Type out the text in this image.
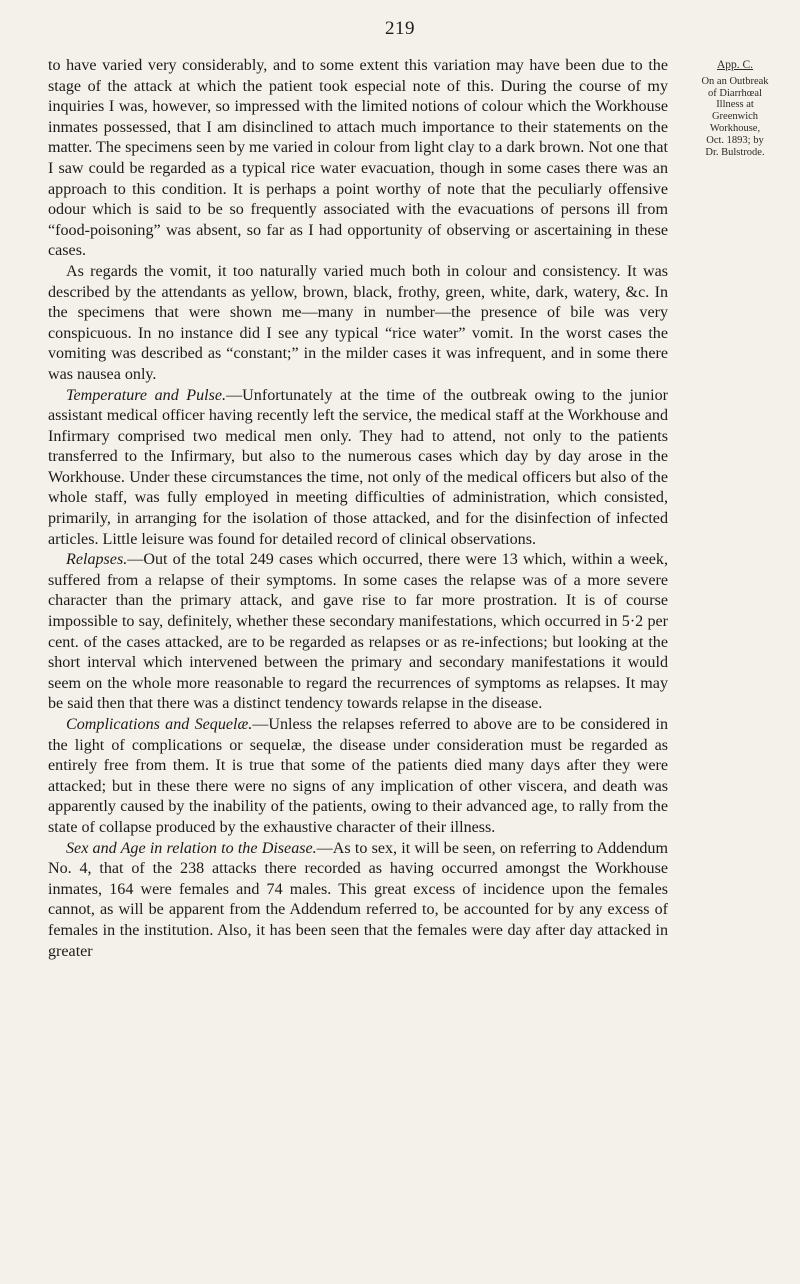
219
App. C.
On an Outbreak
of Diarrhœal
Illness at
Greenwich
Workhouse,
Oct. 1893; by
Dr. Bulstrode.

to have varied very considerably, and to some extent this variation may have been due to the stage of the attack at which the patient took especial note of this. During the course of my inquiries I was, however, so impressed with the limited notions of colour which the Workhouse inmates possessed, that I am disinclined to attach much importance to their statements on the matter. The specimens seen by me varied in colour from light clay to a dark brown. Not one that I saw could be regarded as a typical rice water evacuation, though in some cases there was an approach to this condition. It is perhaps a point worthy of note that the peculiarly offensive odour which is said to be so frequently associated with the evacuations of persons ill from “food-poisoning” was absent, so far as I had opportunity of observing or ascertaining in these cases.

As regards the vomit, it too naturally varied much both in colour and consistency. It was described by the attendants as yellow, brown, black, frothy, green, white, dark, watery, &c. In the specimens that were shown me—many in number—the presence of bile was very conspicuous. In no instance did I see any typical “rice water” vomit. In the worst cases the vomiting was described as “constant;” in the milder cases it was infrequent, and in some there was nausea only.

Temperature and Pulse.—Unfortunately at the time of the outbreak owing to the junior assistant medical officer having recently left the service, the medical staff at the Workhouse and Infirmary comprised two medical men only. They had to attend, not only to the patients transferred to the Infirmary, but also to the numerous cases which day by day arose in the Workhouse. Under these circumstances the time, not only of the medical officers but also of the whole staff, was fully employed in meeting difficulties of administration, which consisted, primarily, in arranging for the isolation of those attacked, and for the disinfection of infected articles. Little leisure was found for detailed record of clinical observations.

Relapses.—Out of the total 249 cases which occurred, there were 13 which, within a week, suffered from a relapse of their symptoms. In some cases the relapse was of a more severe character than the primary attack, and gave rise to far more prostration. It is of course impossible to say, definitely, whether these secondary manifestations, which occurred in 5·2 per cent. of the cases attacked, are to be regarded as relapses or as re-infections; but looking at the short interval which intervened between the primary and secondary manifestations it would seem on the whole more reasonable to regard the recurrences of symptoms as relapses. It may be said then that there was a distinct tendency towards relapse in the disease.

Complications and Sequelæ.—Unless the relapses referred to above are to be considered in the light of complications or sequelæ, the disease under consideration must be regarded as entirely free from them. It is true that some of the patients died many days after they were attacked; but in these there were no signs of any implication of other viscera, and death was apparently caused by the inability of the patients, owing to their advanced age, to rally from the state of collapse produced by the exhaustive character of their illness.

Sex and Age in relation to the Disease.—As to sex, it will be seen, on referring to Addendum No. 4, that of the 238 attacks there recorded as having occurred amongst the Workhouse inmates, 164 were females and 74 males. This great excess of incidence upon the females cannot, as will be apparent from the Addendum referred to, be accounted for by any excess of females in the institution. Also, it has been seen that the females were day after day attacked in greater
